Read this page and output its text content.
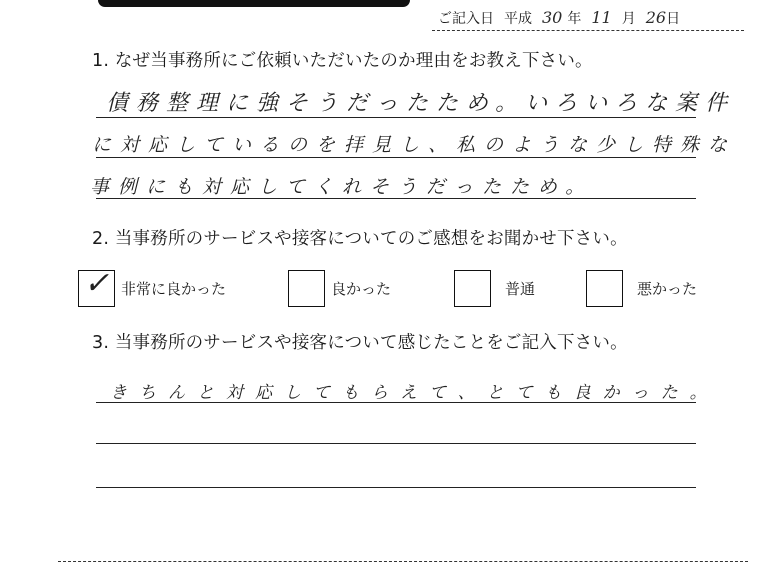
ご記入日 平成 30 年 11 月 26日
1. なぜ当事務所にご依頼いただいたのか理由をお教え下さい。
債務整理に強そうだったため。いろいろな案件
に対応しているのを拝見し、私のような少し特殊な
事例にも対応してくれそうだったため。
2. 当事務所のサービスや接客についてのご感想をお聞かせ下さい。
✓ 非常に良かった	良かった	普通	悪かった
3. 当事務所のサービスや接客について感じたことをご記入下さい。
きちんと対応してもらえて、とても良かった。
